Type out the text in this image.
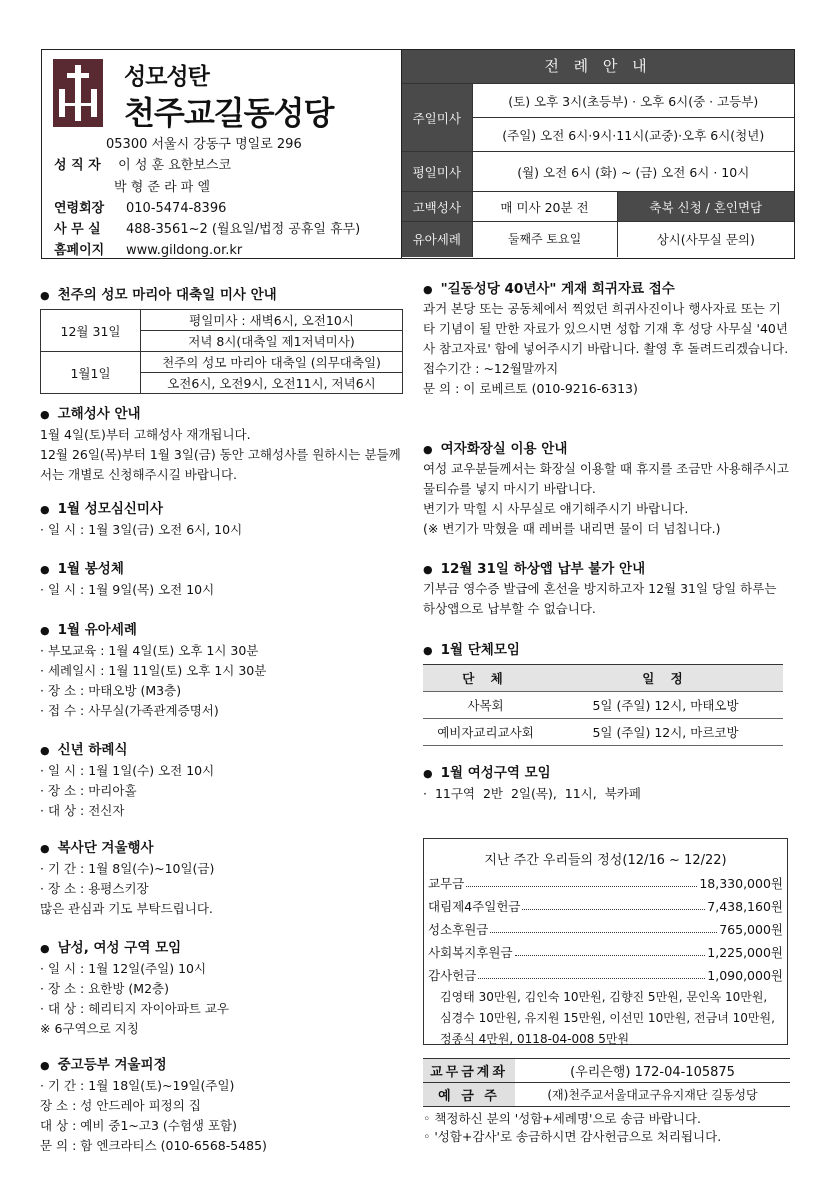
성모성탄
천주교길동성당
05300 서울시 강동구 명일로 296
성 직 자 이 성 훈 요한보스코
박 형 준 라 파 엘
연령회장 010-5474-8396
사 무 실 488-3561~2 (월요일/법정 공휴일 휴무)
홈페이지 www.gildong.or.kr
전 례 안 내
주일미사	(토) 오후 3시(초등부) · 오후 6시(중 · 고등부)	
	(주일) 오전 6시·9시·11시(교중)·오후 6시(청년)	
평일미사	(월) 오전 6시 (화) ~ (금) 오전 6시 · 10시	
고백성사	매 미사 20분 전	축복 신청 / 혼인면담
유아세례	둘째주 토요일	상시(사무실 문의)
● 천주의 성모 마리아 대축일 미사 안내
12월 31일	평일미사 : 새벽6시, 오전10시
	저녁 8시(대축일 제1저녁미사)
1월1일	천주의 성모 마리아 대축일 (의무대축일)
	오전6시, 오전9시, 오전11시, 저녁6시
● 고해성사 안내
1월 4일(토)부터 고해성사 재개됩니다.
12월 26일(목)부터 1월 3일(금) 동안 고해성사를 원하시는 분들께서는 개별로 신청해주시길 바랍니다.
● 1월 성모심신미사
· 일 시 : 1월 3일(금) 오전 6시, 10시
● 1월 봉성체
· 일 시 : 1월 9일(목) 오전 10시
● 1월 유아세례
· 부모교육 : 1월 4일(토) 오후 1시 30분
· 세례일시 : 1월 11일(토) 오후 1시 30분
· 장 소 : 마태오방 (M3층)
· 접 수 : 사무실(가족관계증명서)
● 신년 하례식
· 일 시 : 1월 1일(수) 오전 10시
· 장 소 : 마리아홀
· 대 상 : 전신자
● 복사단 겨울행사
· 기 간 : 1월 8일(수)~10일(금)
· 장 소 : 용평스키장
많은 관심과 기도 부탁드립니다.
● 남성, 여성 구역 모임
· 일 시 : 1월 12일(주일) 10시
· 장 소 : 요한방 (M2층)
· 대 상 : 헤리티지 자이아파트 교우
※ 6구역으로 지칭
● 중고등부 겨울피정
· 기 간 : 1월 18일(토)~19일(주일)
장 소 : 성 안드레아 피정의 집
대 상 : 예비 중1~고3 (수험생 포함)
문 의 : 함 엔크라티스 (010-6568-5485)
● "길동성당 40년사" 게재 희귀자료 접수
과거 본당 또는 공동체에서 찍었던 희귀사진이나 행사자료 또는 기타 기념이 될 만한 자료가 있으시면 성합 기재 후 성당 사무실 '40년사 참고자료' 함에 넣어주시기 바랍니다. 촬영 후 돌려드리겠습니다.
접수기간 : ~12월말까지
문 의 : 이 로베르토 (010-9216-6313)
● 여자화장실 이용 안내
여성 교우분들께서는 화장실 이용할 때 휴지를 조금만 사용해주시고 물티슈를 넣지 마시기 바랍니다.
변기가 막힐 시 사무실로 얘기해주시기 바랍니다.
(※ 변기가 막혔을 때 레버를 내리면 물이 더 넘칩니다.)
● 12월 31일 하상앱 납부 불가 안내
기부금 영수증 발급에 혼선을 방지하고자 12월 31일 당일 하루는 하상앱으로 납부할 수 없습니다.
● 1월 단체모임
단 체	일 정
사목회	5일 (주일) 12시, 마태오방
예비자교리교사회	5일 (주일) 12시, 마르코방
● 1월 여성구역 모임
· 11구역 2반 2일(목), 11시, 북카페
지난 주간 우리들의 정성(12/16 ~ 12/22)
교무금	18,330,000원
대림제4주일헌금	7,438,160원
성소후원금	765,000원
사회복지후원금	1,225,000원
감사헌금	1,090,000원
김영태 30만원, 김인숙 10만원, 김향진 5만원, 문인옥 10만원,
심경수 10만원, 유지원 15만원, 이선민 10만원, 전금녀 10만원,
정종식 4만원, 0118-04-008 5만원
교무금계좌	(우리은행) 172-04-105875
예 금 주	(재)천주교서울대교구유지재단 길동성당
◦ 책정하신 분의 '성함+세례명'으로 송금 바랍니다.
◦ '성함+감사'로 송금하시면 감사헌금으로 처리됩니다.
